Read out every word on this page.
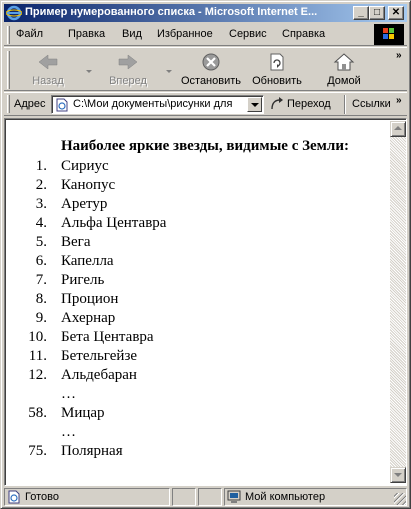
Пример нумерованного списка - Microsoft Internet E...	_	□	✕
Файл Правка Вид Избранное Сервис Справка
Назад	Вперед	Остановить	Обновить	Домой
»
Адрес	C:\Мои документы\рисунки для	Переход Ссылки »
Наиболее яркие звезды, видимые с Земли:
1. Сириус
2. Канопус
3. Аретур
4. Альфа Центавра
5. Вега
6. Капелла
7. Ригель
8. Процион
9. Ахернар
10. Бета Центавра
11. Бетельгейзе
12. Альдебаран
…
58. Мицар
…
75. Полярная
Готово	Мой компьютер
